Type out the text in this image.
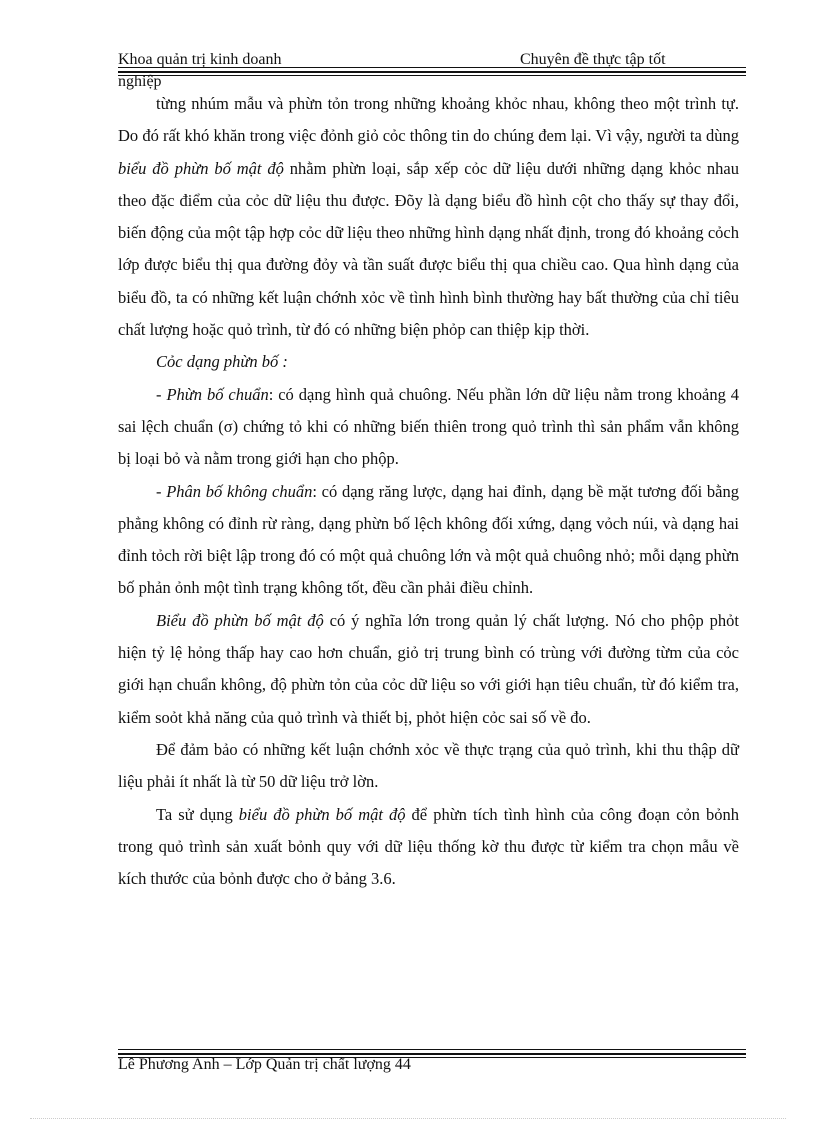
Khoa quản trị kinh doanh	Chuyên đề thực tập tốt
nghiệp

từng nhúm mẫu và phừn tỏn trong những khoảng khỏc nhau, không theo một trình tự. Do đó rất khó khăn trong việc đỏnh giỏ cỏc thông tin do chúng đem lại. Vì vậy, người ta dùng biểu đồ phừn bố mật độ nhằm phừn loại, sắp xếp cỏc dữ liệu dưới những dạng khỏc nhau theo đặc điểm của cỏc dữ liệu thu được. Đõy là dạng biểu đồ hình cột cho thấy sự thay đổi, biến động của một tập hợp cỏc dữ liệu theo những hình dạng nhất định, trong đó khoảng cỏch lớp được biểu thị qua đường đỏy và tần suất được biểu thị qua chiều cao. Qua hình dạng của biểu đồ, ta có những kết luận chớnh xỏc về tình hình bình thường hay bất thường của chỉ tiêu chất lượng hoặc quỏ trình, từ đó có những biện phỏp can thiệp kịp thời.

Cỏc dạng phừn bố :

- Phừn bố chuẩn: có dạng hình quả chuông. Nếu phần lớn dữ liệu nằm trong khoảng 4 sai lệch chuẩn (σ) chứng tỏ khi có những biến thiên trong quỏ trình thì sản phẩm vẫn không bị loại bỏ và nằm trong giới hạn cho phộp.

- Phân bố không chuẩn: có dạng răng lược, dạng hai đỉnh, dạng bề mặt tương đối bằng phẳng không có đỉnh rừ ràng, dạng phừn bố lệch không đối xứng, dạng vỏch núi, và dạng hai đỉnh tỏch rời biệt lập trong đó có một quả chuông lớn và một quả chuông nhỏ; mỗi dạng phừn bố phản ỏnh một tình trạng không tốt, đều cần phải điều chỉnh.

Biểu đồ phừn bố mật độ có ý nghĩa lớn trong quản lý chất lượng. Nó cho phộp phỏt hiện tỷ lệ hỏng thấp hay cao hơn chuẩn, giỏ trị trung bình có trùng với đường từm của cỏc giới hạn chuẩn không, độ phừn tỏn của cỏc dữ liệu so với giới hạn tiêu chuẩn, từ đó kiểm tra, kiểm soỏt khả năng của quỏ trình và thiết bị, phỏt hiện cỏc sai số về đo.

Để đảm bảo có những kết luận chớnh xỏc về thực trạng của quỏ trình, khi thu thập dữ liệu phải ít nhất là từ 50 dữ liệu trở lờn.

Ta sử dụng biểu đồ phừn bố mật độ để phừn tích tình hình của công đoạn cỏn bỏnh trong quỏ trình sản xuất bỏnh quy với dữ liệu thống kờ thu được từ kiểm tra chọn mẫu về kích thước của bỏnh được cho ở bảng 3.6.

Lê Phương Anh – Lớp Quản trị chất lượng 44
